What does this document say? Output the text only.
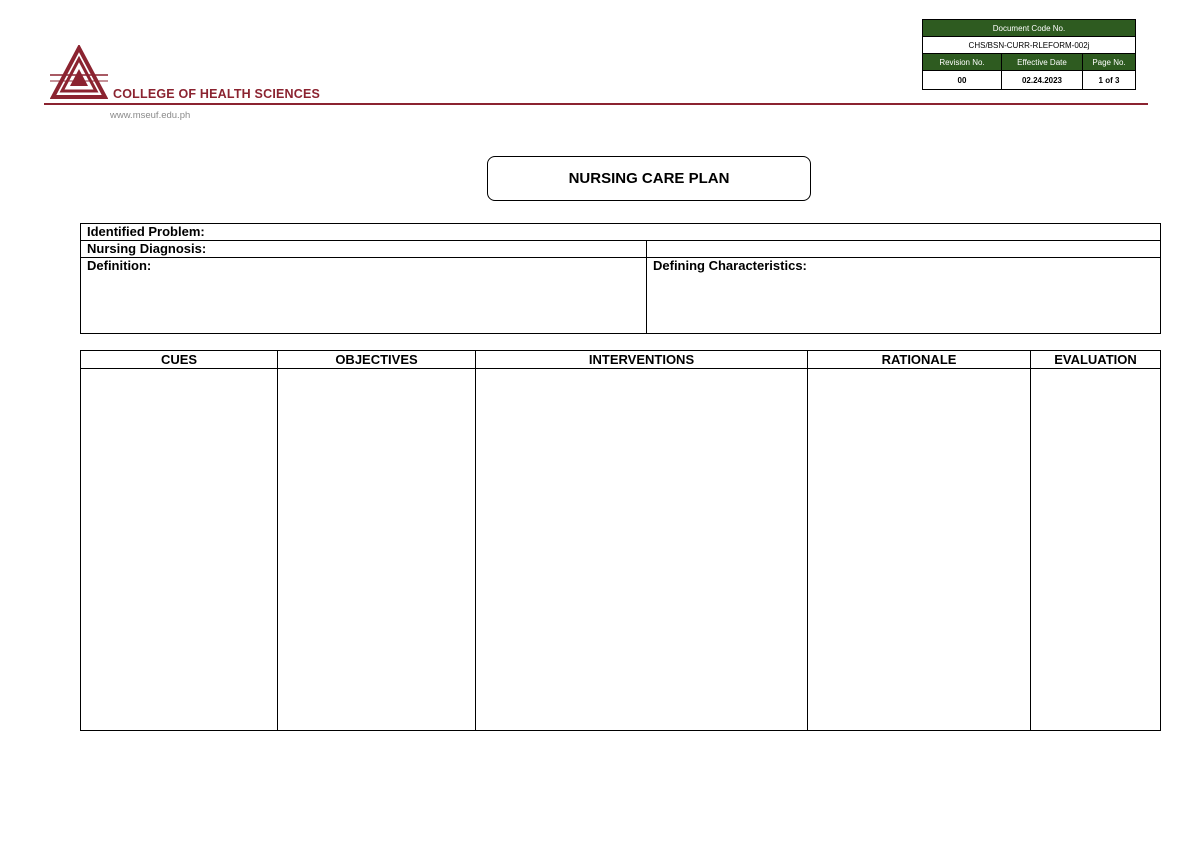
COLLEGE OF HEALTH SCIENCES
www.mseuf.edu.ph
Document Code No.		
CHS/BSN-CURR-RLEFORM-002j		
Revision No.	Effective Date	Page No.
00	02.24.2023	1 of 3
NURSING CARE PLAN
Identified Problem:	
Nursing Diagnosis:	
Definition:	Defining Characteristics:
CUES	OBJECTIVES	INTERVENTIONS	RATIONALE	EVALUATION
